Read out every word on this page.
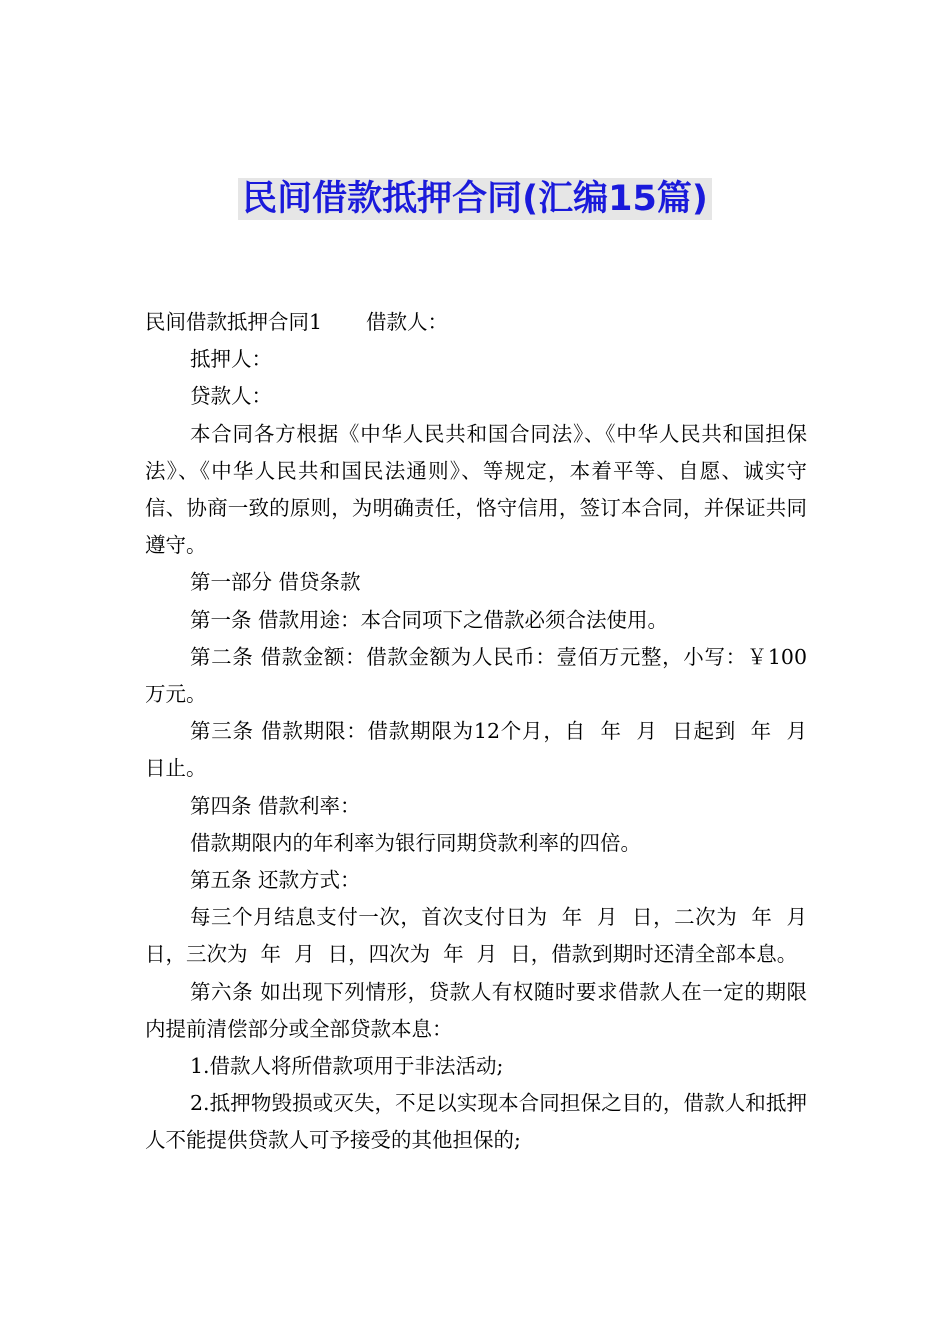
民间借款抵押合同(汇编15篇)

民间借款抵押合同1 借款人：

抵押人：

贷款人：

本合同各方根据《中华人民共和国合同法》、《中华人民共和国担保法》、《中华人民共和国民法通则》、等规定，本着平等、自愿、诚实守信、协商一致的原则，为明确责任，恪守信用，签订本合同，并保证共同遵守。

第一部分 借贷条款

第一条 借款用途：本合同项下之借款必须合法使用。

第二条 借款金额：借款金额为人民币：壹佰万元整，小写：￥100万元。

第三条 借款期限：借款期限为12个月，自  年  月  日起到  年  月  日止。

第四条 借款利率：

借款期限内的年利率为银行同期贷款利率的四倍。

第五条 还款方式：

每三个月结息支付一次，首次支付日为  年  月  日，二次为  年  月  日，三次为  年  月  日，四次为  年  月  日，借款到期时还清全部本息。

第六条 如出现下列情形，贷款人有权随时要求借款人在一定的期限内提前清偿部分或全部贷款本息：

1.借款人将所借款项用于非法活动;

2.抵押物毁损或灭失，不足以实现本合同担保之目的，借款人和抵押人不能提供贷款人可予接受的其他担保的;
